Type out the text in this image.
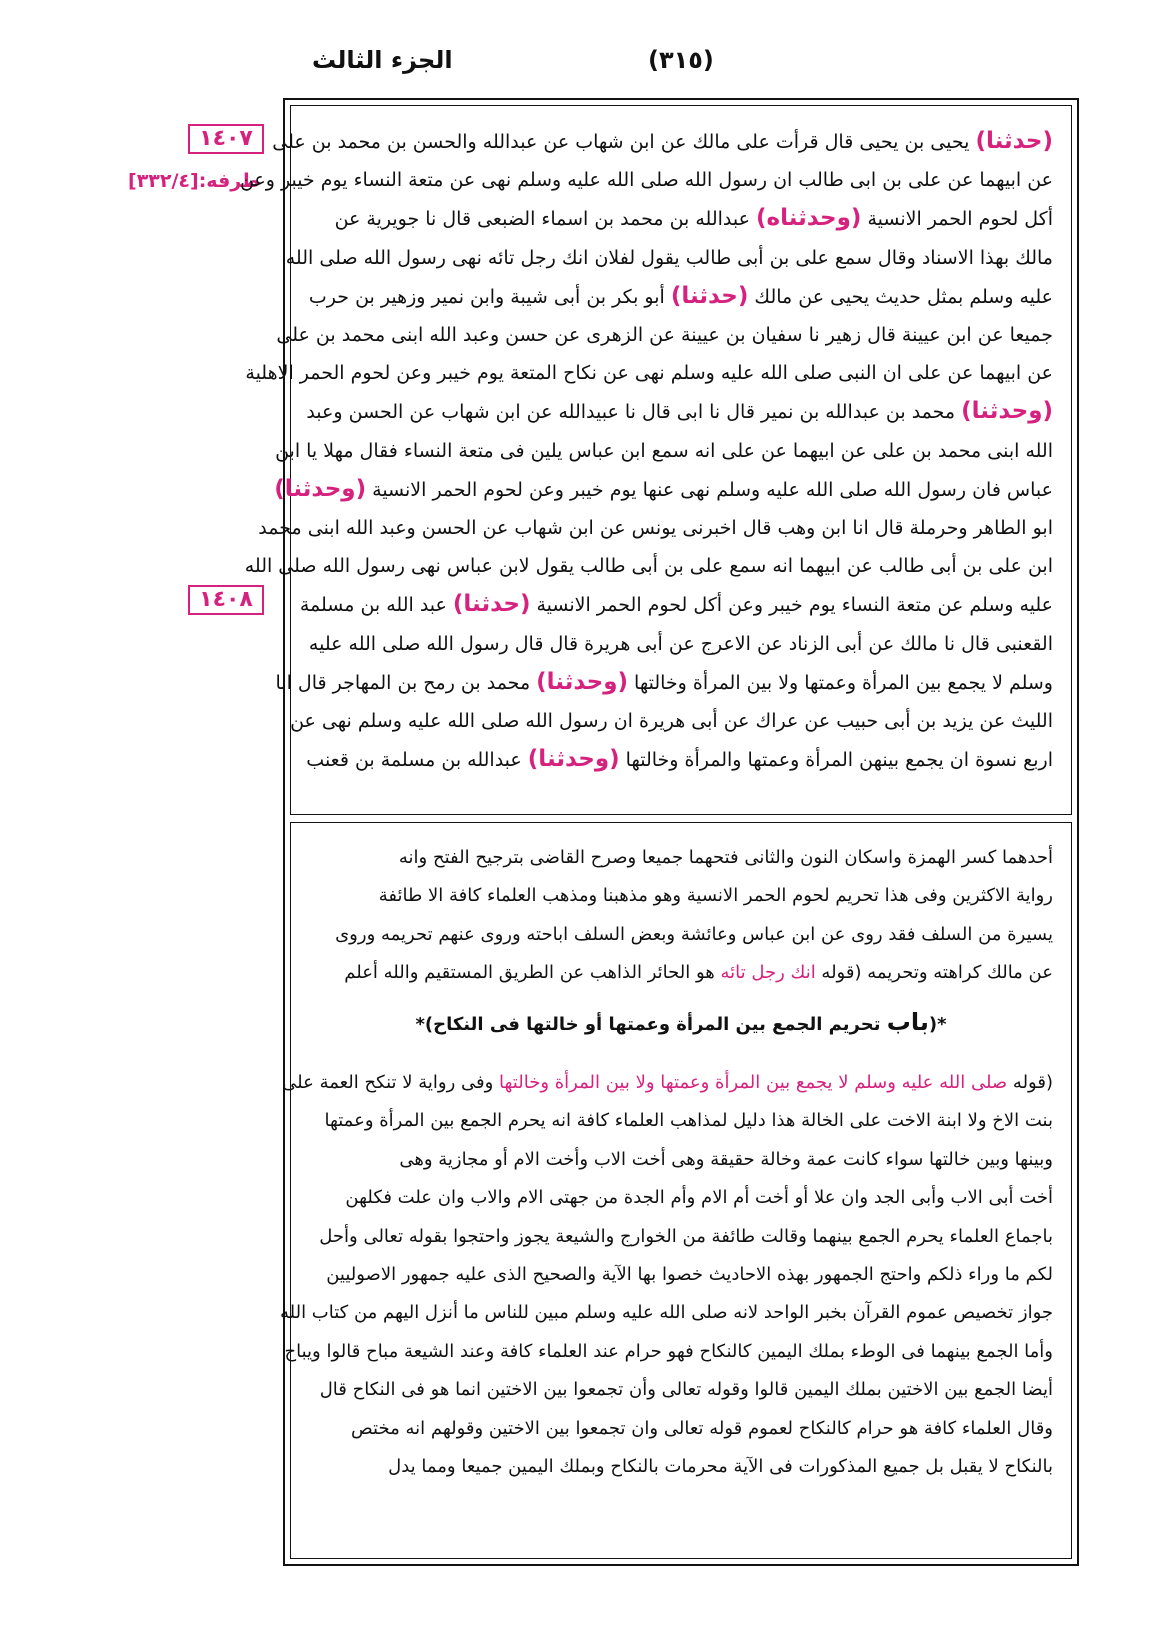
الجزء الثالث	(٣١٥)
١٤٠٧
طرفه:[٣٣٢/٤]
١٤٠٨
(حدثنا) يحيى بن يحيى قال قرأت على مالك عن ابن شهاب عن عبدالله والحسن بن محمد بن على
عن ابيهما عن على بن ابى طالب ان رسول الله صلى الله عليه وسلم نهى عن متعة النساء يوم خيبر وعن
أكل لحوم الحمر الانسية (وحدثناه) عبدالله بن محمد بن اسماء الضبعى قال نا جويرية عن
مالك بهذا الاسناد وقال سمع على بن أبى طالب يقول لفلان انك رجل تائه نهى رسول الله صلى الله
عليه وسلم بمثل حديث يحيى عن مالك (حدثنا) أبو بكر بن أبى شيبة وابن نمير وزهير بن حرب
جميعا عن ابن عيينة قال زهير نا سفيان بن عيينة عن الزهرى عن حسن وعبد الله ابنى محمد بن على
عن ابيهما عن على ان النبى صلى الله عليه وسلم نهى عن نكاح المتعة يوم خيبر وعن لحوم الحمر الاهلية
(وحدثنا) محمد بن عبدالله بن نمير قال نا ابى قال نا عبيدالله عن ابن شهاب عن الحسن وعبد
الله ابنى محمد بن على عن ابيهما عن على انه سمع ابن عباس يلين فى متعة النساء فقال مهلا يا ابن
عباس فان رسول الله صلى الله عليه وسلم نهى عنها يوم خيبر وعن لحوم الحمر الانسية (وحدثنا)
ابو الطاهر وحرملة قال انا ابن وهب قال اخبرنى يونس عن ابن شهاب عن الحسن وعبد الله ابنى محمد
ابن على بن أبى طالب عن ابيهما انه سمع على بن أبى طالب يقول لابن عباس نهى رسول الله صلى الله
عليه وسلم عن متعة النساء يوم خيبر وعن أكل لحوم الحمر الانسية (حدثنا) عبد الله بن مسلمة
القعنبى قال نا مالك عن أبى الزناد عن الاعرج عن أبى هريرة قال قال رسول الله صلى الله عليه
وسلم لا يجمع بين المرأة وعمتها ولا بين المرأة وخالتها (وحدثنا) محمد بن رمح بن المهاجر قال انا
الليث عن يزيد بن أبى حبيب عن عراك عن أبى هريرة ان رسول الله صلى الله عليه وسلم نهى عن
اربع نسوة ان يجمع بينهن المرأة وعمتها والمرأة وخالتها (وحدثنا) عبدالله بن مسلمة بن قعنب
أحدهما كسر الهمزة واسكان النون والثانى فتحهما جميعا وصرح القاضى بترجيح الفتح وانه
رواية الاكثرين وفى هذا تحريم لحوم الحمر الانسية وهو مذهبنا ومذهب العلماء كافة الا طائفة
يسيرة من السلف فقد روى عن ابن عباس وعائشة وبعض السلف اباحته وروى عنهم تحريمه وروى
عن مالك كراهته وتحريمه (قوله انك رجل تائه هو الحائر الذاهب عن الطريق المستقيم والله أعلم
*(باب تحريم الجمع بين المرأة وعمتها أو خالتها فى النكاح)*
(قوله صلى الله عليه وسلم لا يجمع بين المرأة وعمتها ولا بين المرأة وخالتها وفى رواية لا تنكح العمة على
بنت الاخ ولا ابنة الاخت على الخالة هذا دليل لمذاهب العلماء كافة انه يحرم الجمع بين المرأة وعمتها
وبينها وبين خالتها سواء كانت عمة وخالة حقيقة وهى أخت الاب وأخت الام أو مجازية وهى
أخت أبى الاب وأبى الجد وان علا أو أخت أم الام وأم الجدة من جهتى الام والاب وان علت فكلهن
باجماع العلماء يحرم الجمع بينهما وقالت طائفة من الخوارج والشيعة يجوز واحتجوا بقوله تعالى وأحل
لكم ما وراء ذلكم واحتج الجمهور بهذه الاحاديث خصوا بها الآية والصحيح الذى عليه جمهور الاصوليين
جواز تخصيص عموم القرآن بخبر الواحد لانه صلى الله عليه وسلم مبين للناس ما أنزل اليهم من كتاب الله
وأما الجمع بينهما فى الوطء بملك اليمين كالنكاح فهو حرام عند العلماء كافة وعند الشيعة مباح قالوا ويباح
أيضا الجمع بين الاختين بملك اليمين قالوا وقوله تعالى وأن تجمعوا بين الاختين انما هو فى النكاح قال
وقال العلماء كافة هو حرام كالنكاح لعموم قوله تعالى وان تجمعوا بين الاختين وقولهم انه مختص
بالنكاح لا يقبل بل جميع المذكورات فى الآية محرمات بالنكاح وبملك اليمين جميعا ومما يدل
